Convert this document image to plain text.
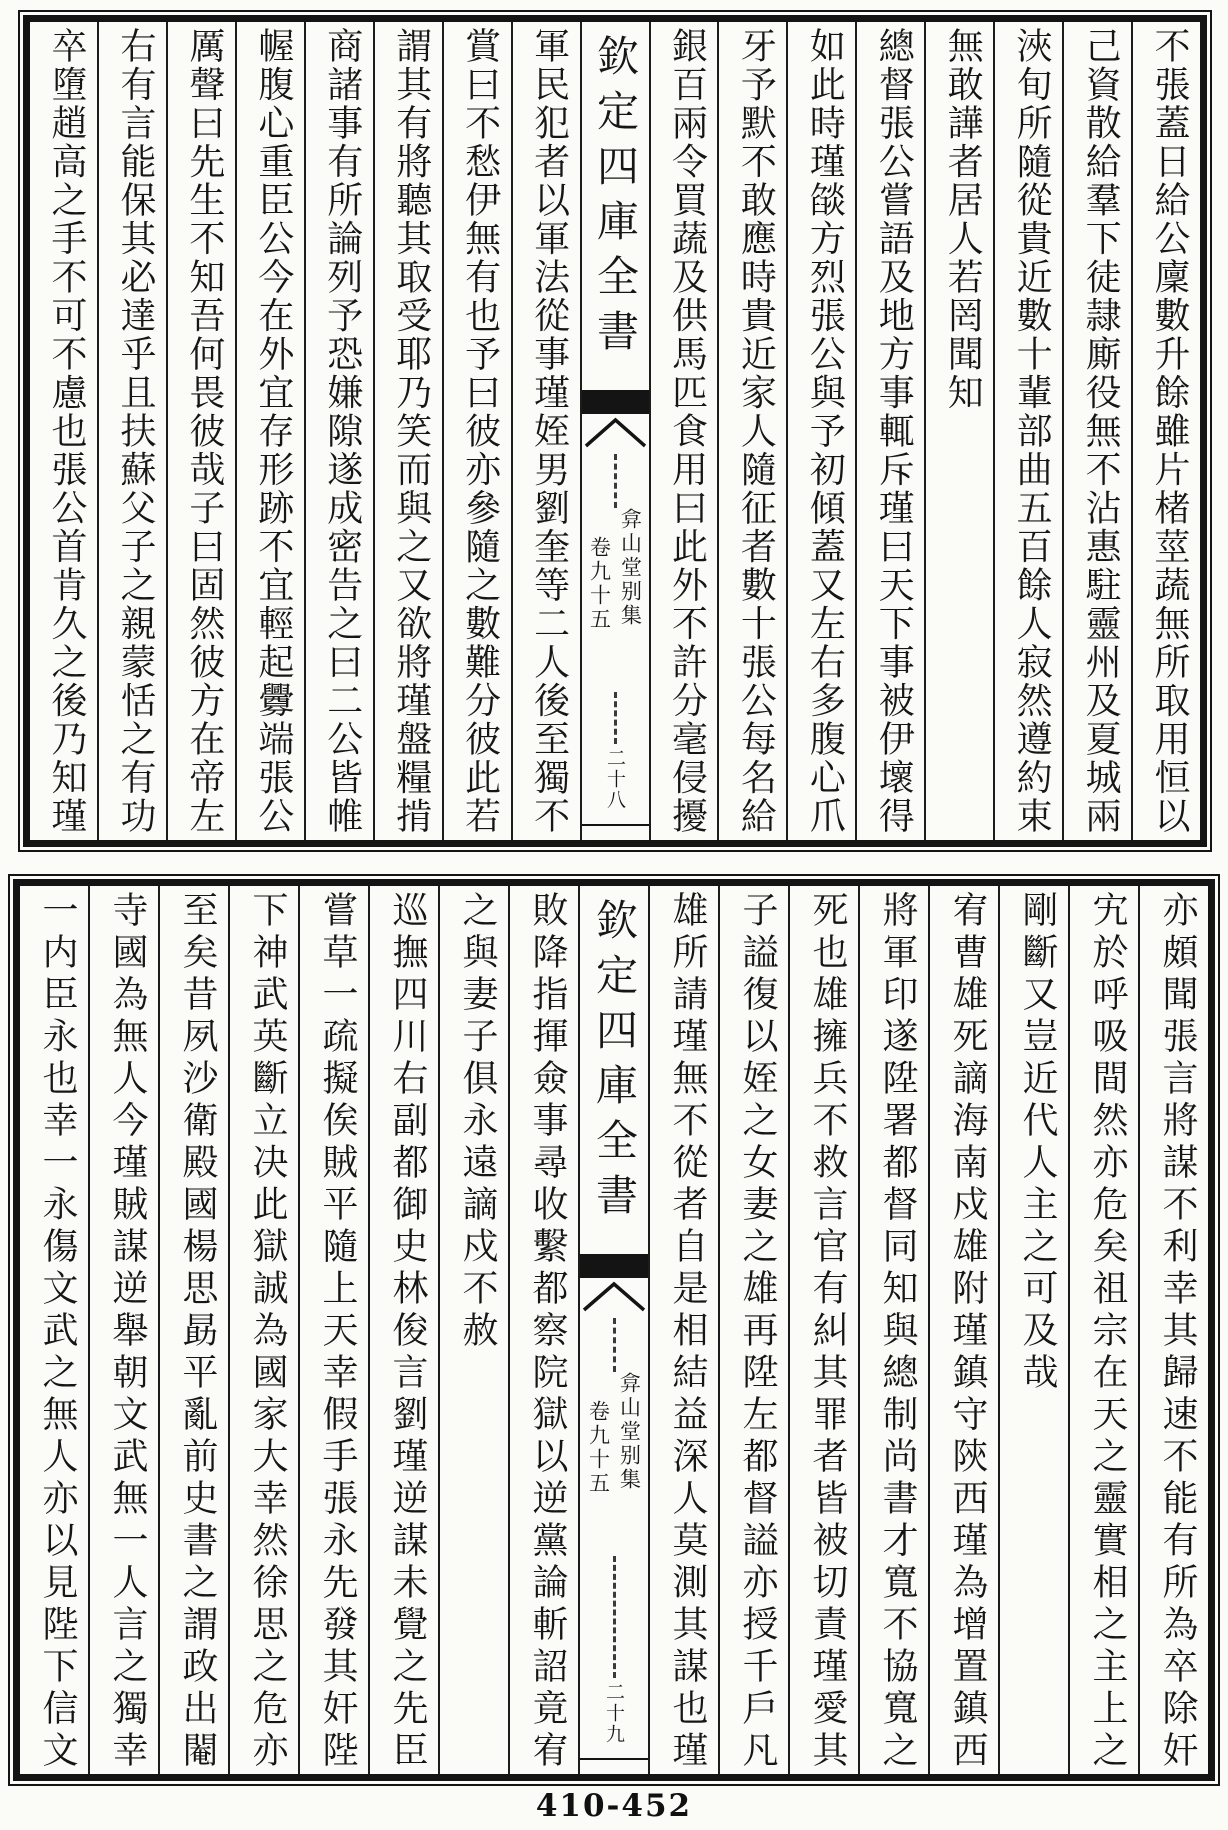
不張蓋日給公廩數升餘雖片楮莖蔬無所取用恒以
己資散給羣下徒隷廝役無不沾惠駐靈州及夏城兩
浹旬所隨從貴近數十輩部曲五百餘人寂然遵約束
無敢譁者居人若罔聞知
總督張公嘗語及地方事輒斥瑾曰天下事被伊壞得
如此時瑾燄方烈張公與予初傾蓋又左右多腹心爪
牙予默不敢應時貴近家人隨征者數十張公每名給
銀百兩令買蔬及供馬匹食用曰此外不許分毫侵擾
欽定四庫全書
卷九十五 弇山堂别集
二十八
軍民犯者以軍法從事瑾姪男劉奎等二人後至獨不
賞曰不愁伊無有也予曰彼亦參隨之數難分彼此若
謂其有將聽其取受耶乃笑而與之又欲將瑾盤糧掯
商諸事有所論列予恐嫌隙遂成密告之曰二公皆帷
幄腹心重臣公今在外宜存形跡不宜輕起釁端張公
厲聲曰先生不知吾何畏彼哉子曰固然彼方在帝左
右有言能保其必達乎且扶蘇父子之親蒙恬之有功
卒墮趙高之手不可不慮也張公首肯久之後乃知瑾
亦頗聞張言將謀不利幸其歸速不能有所為卒除奸
宄於呼吸間然亦危矣祖宗在天之靈實相之主上之
剛斷又豈近代人主之可及哉
宥曹雄死謫海南戍雄附瑾鎮守陝西瑾為增置鎮西
將軍印遂陞署都督同知與總制尚書才寬不協寬之
死也雄擁兵不救言官有糾其罪者皆被切責瑾愛其
子謚復以姪之女妻之雄再陞左都督謚亦授千戶凡
雄所請瑾無不從者自是相結益深人莫測其謀也瑾
欽定四庫全書
卷九十五 弇山堂别集
二十九
敗降指揮僉事尋收繫都察院獄以逆黨論斬詔竟宥
之與妻子俱永遠謫戍不赦
巡撫四川右副都御史林俊言劉瑾逆謀未覺之先臣
嘗草一疏擬俟賊平隨上天幸假手張永先發其奸陛
下神武英斷立决此獄誠為國家大幸然徐思之危亦
至矣昔夙沙衛殿國楊思勗平亂前史書之謂政出閹
寺國為無人今瑾賊謀逆舉朝文武無一人言之獨幸
一内臣永也幸一永傷文武之無人亦以見陛下信文
410-452
